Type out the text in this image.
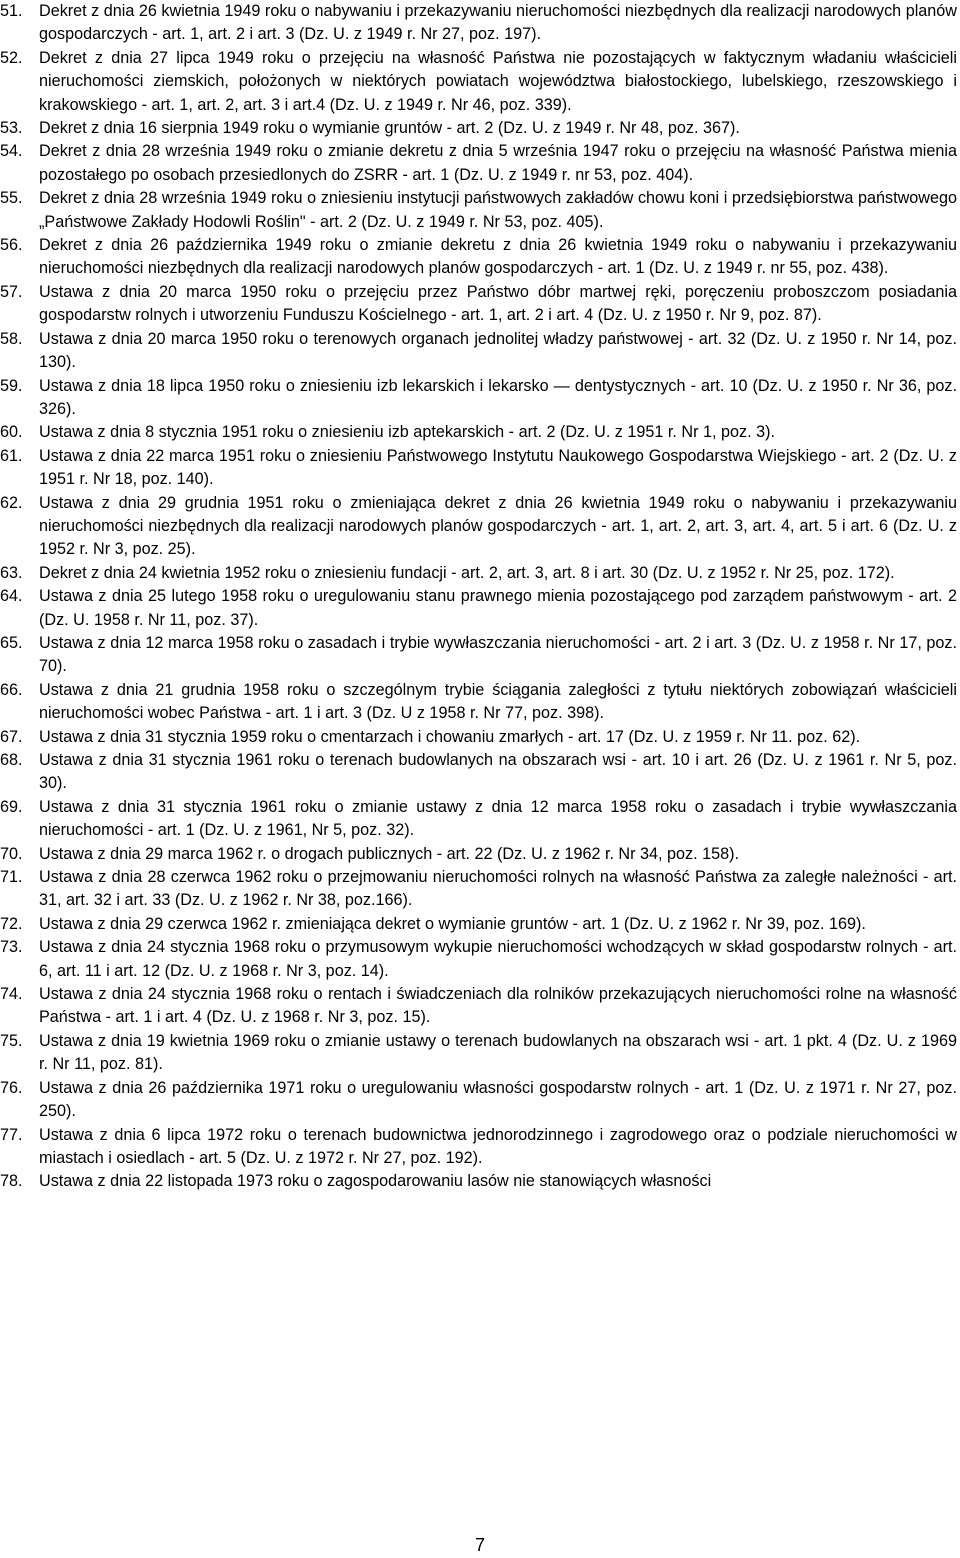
51. Dekret z dnia 26 kwietnia 1949 roku o nabywaniu i przekazywaniu nieruchomości niezbędnych dla realizacji narodowych planów gospodarczych - art. 1, art. 2 i art. 3 (Dz. U. z 1949 r. Nr 27, poz. 197).
52. Dekret z dnia 27 lipca 1949 roku o przejęciu na własność Państwa nie pozostających w faktycznym władaniu właścicieli nieruchomości ziemskich, położonych w niektórych powiatach województwa białostockiego, lubelskiego, rzeszowskiego i krakowskiego - art. 1, art. 2, art. 3 i art.4 (Dz. U. z 1949 r. Nr 46, poz. 339).
53. Dekret z dnia 16 sierpnia 1949 roku o wymianie gruntów - art. 2 (Dz. U. z 1949 r. Nr 48, poz. 367).
54. Dekret z dnia 28 września 1949 roku o zmianie dekretu z dnia 5 września 1947 roku o przejęciu na własność Państwa mienia pozostałego po osobach przesiedlonych do ZSRR - art. 1 (Dz. U. z 1949 r. nr 53, poz. 404).
55. Dekret z dnia 28 września 1949 roku o zniesieniu instytucji państwowych zakładów chowu koni i przedsiębiorstwa państwowego „Państwowe Zakłady Hodowli Roślin" - art. 2 (Dz. U. z 1949 r. Nr 53, poz. 405).
56. Dekret z dnia 26 października 1949 roku o zmianie dekretu z dnia 26 kwietnia 1949 roku o nabywaniu i przekazywaniu nieruchomości niezbędnych dla realizacji narodowych planów gospodarczych - art. 1 (Dz. U. z 1949 r. nr 55, poz. 438).
57. Ustawa z dnia 20 marca 1950 roku o przejęciu przez Państwo dóbr martwej ręki, poręczeniu proboszczom posiadania gospodarstw rolnych i utworzeniu Funduszu Kościelnego - art. 1, art. 2 i art. 4 (Dz. U. z 1950 r. Nr 9, poz. 87).
58. Ustawa z dnia 20 marca 1950 roku o terenowych organach jednolitej władzy państwowej - art. 32 (Dz. U. z 1950 r. Nr 14, poz. 130).
59. Ustawa z dnia 18 lipca 1950 roku o zniesieniu izb lekarskich i lekarsko ― dentystycznych - art. 10 (Dz. U. z 1950 r. Nr 36, poz. 326).
60. Ustawa z dnia 8 stycznia 1951 roku o zniesieniu izb aptekarskich - art. 2 (Dz. U. z 1951 r. Nr 1, poz. 3).
61. Ustawa z dnia 22 marca 1951 roku o zniesieniu Państwowego Instytutu Naukowego Gospodarstwa Wiejskiego - art. 2 (Dz. U. z 1951 r. Nr 18, poz. 140).
62. Ustawa z dnia 29 grudnia 1951 roku o zmieniająca dekret z dnia 26 kwietnia 1949 roku o nabywaniu i przekazywaniu nieruchomości niezbędnych dla realizacji narodowych planów gospodarczych - art. 1, art. 2, art. 3, art. 4, art. 5 i art. 6 (Dz. U. z 1952 r. Nr 3, poz. 25).
63. Dekret z dnia 24 kwietnia 1952 roku o zniesieniu fundacji - art. 2, art. 3, art. 8 i art. 30 (Dz. U. z 1952 r. Nr 25, poz. 172).
64. Ustawa z dnia 25 lutego 1958 roku o uregulowaniu stanu prawnego mienia pozostającego pod zarządem państwowym - art. 2 (Dz. U. 1958 r. Nr 11, poz. 37).
65. Ustawa z dnia 12 marca 1958 roku o zasadach i trybie wywłaszczania nieruchomości - art. 2 i art. 3 (Dz. U. z 1958 r. Nr 17, poz. 70).
66. Ustawa z dnia 21 grudnia 1958 roku o szczególnym trybie ściągania zaległości z tytułu niektórych zobowiązań właścicieli nieruchomości wobec Państwa - art. 1 i art. 3 (Dz. U z 1958 r. Nr 77, poz. 398).
67. Ustawa z dnia 31 stycznia 1959 roku o cmentarzach i chowaniu zmarłych - art. 17 (Dz. U. z 1959 r. Nr 11. poz. 62).
68. Ustawa z dnia 31 stycznia 1961 roku o terenach budowlanych na obszarach wsi - art. 10 i art. 26 (Dz. U. z 1961 r. Nr 5, poz. 30).
69. Ustawa z dnia 31 stycznia 1961 roku o zmianie ustawy z dnia 12 marca 1958 roku o zasadach i trybie wywłaszczania nieruchomości - art. 1 (Dz. U. z 1961, Nr 5, poz. 32).
70. Ustawa z dnia 29 marca 1962 r. o drogach publicznych - art. 22 (Dz. U. z 1962 r. Nr 34, poz. 158).
71. Ustawa z dnia 28 czerwca 1962 roku o przejmowaniu nieruchomości rolnych na własność Państwa za zaległe należności - art. 31, art. 32 i art. 33 (Dz. U. z 1962 r. Nr 38, poz.166).
72. Ustawa z dnia 29 czerwca 1962 r. zmieniająca dekret o wymianie gruntów - art. 1 (Dz. U. z 1962 r. Nr 39, poz. 169).
73. Ustawa z dnia 24 stycznia 1968 roku o przymusowym wykupie nieruchomości wchodzących w skład gospodarstw rolnych - art. 6, art. 11 i art. 12 (Dz. U. z 1968 r. Nr 3, poz. 14).
74. Ustawa z dnia 24 stycznia 1968 roku o rentach i świadczeniach dla rolników przekazujących nieruchomości rolne na własność Państwa - art. 1 i art. 4 (Dz. U. z 1968 r. Nr 3, poz. 15).
75. Ustawa z dnia 19 kwietnia 1969 roku o zmianie ustawy o terenach budowlanych na obszarach wsi - art. 1 pkt. 4 (Dz. U. z 1969 r. Nr 11, poz. 81).
76. Ustawa z dnia 26 października 1971 roku o uregulowaniu własności gospodarstw rolnych - art. 1 (Dz. U. z 1971 r. Nr 27, poz. 250).
77. Ustawa z dnia 6 lipca 1972 roku o terenach budownictwa jednorodzinnego i zagrodowego oraz o podziale nieruchomości w miastach i osiedlach - art. 5 (Dz. U. z 1972 r. Nr 27, poz. 192).
78. Ustawa z dnia 22 listopada 1973 roku o zagospodarowaniu lasów nie stanowiących własności
7
